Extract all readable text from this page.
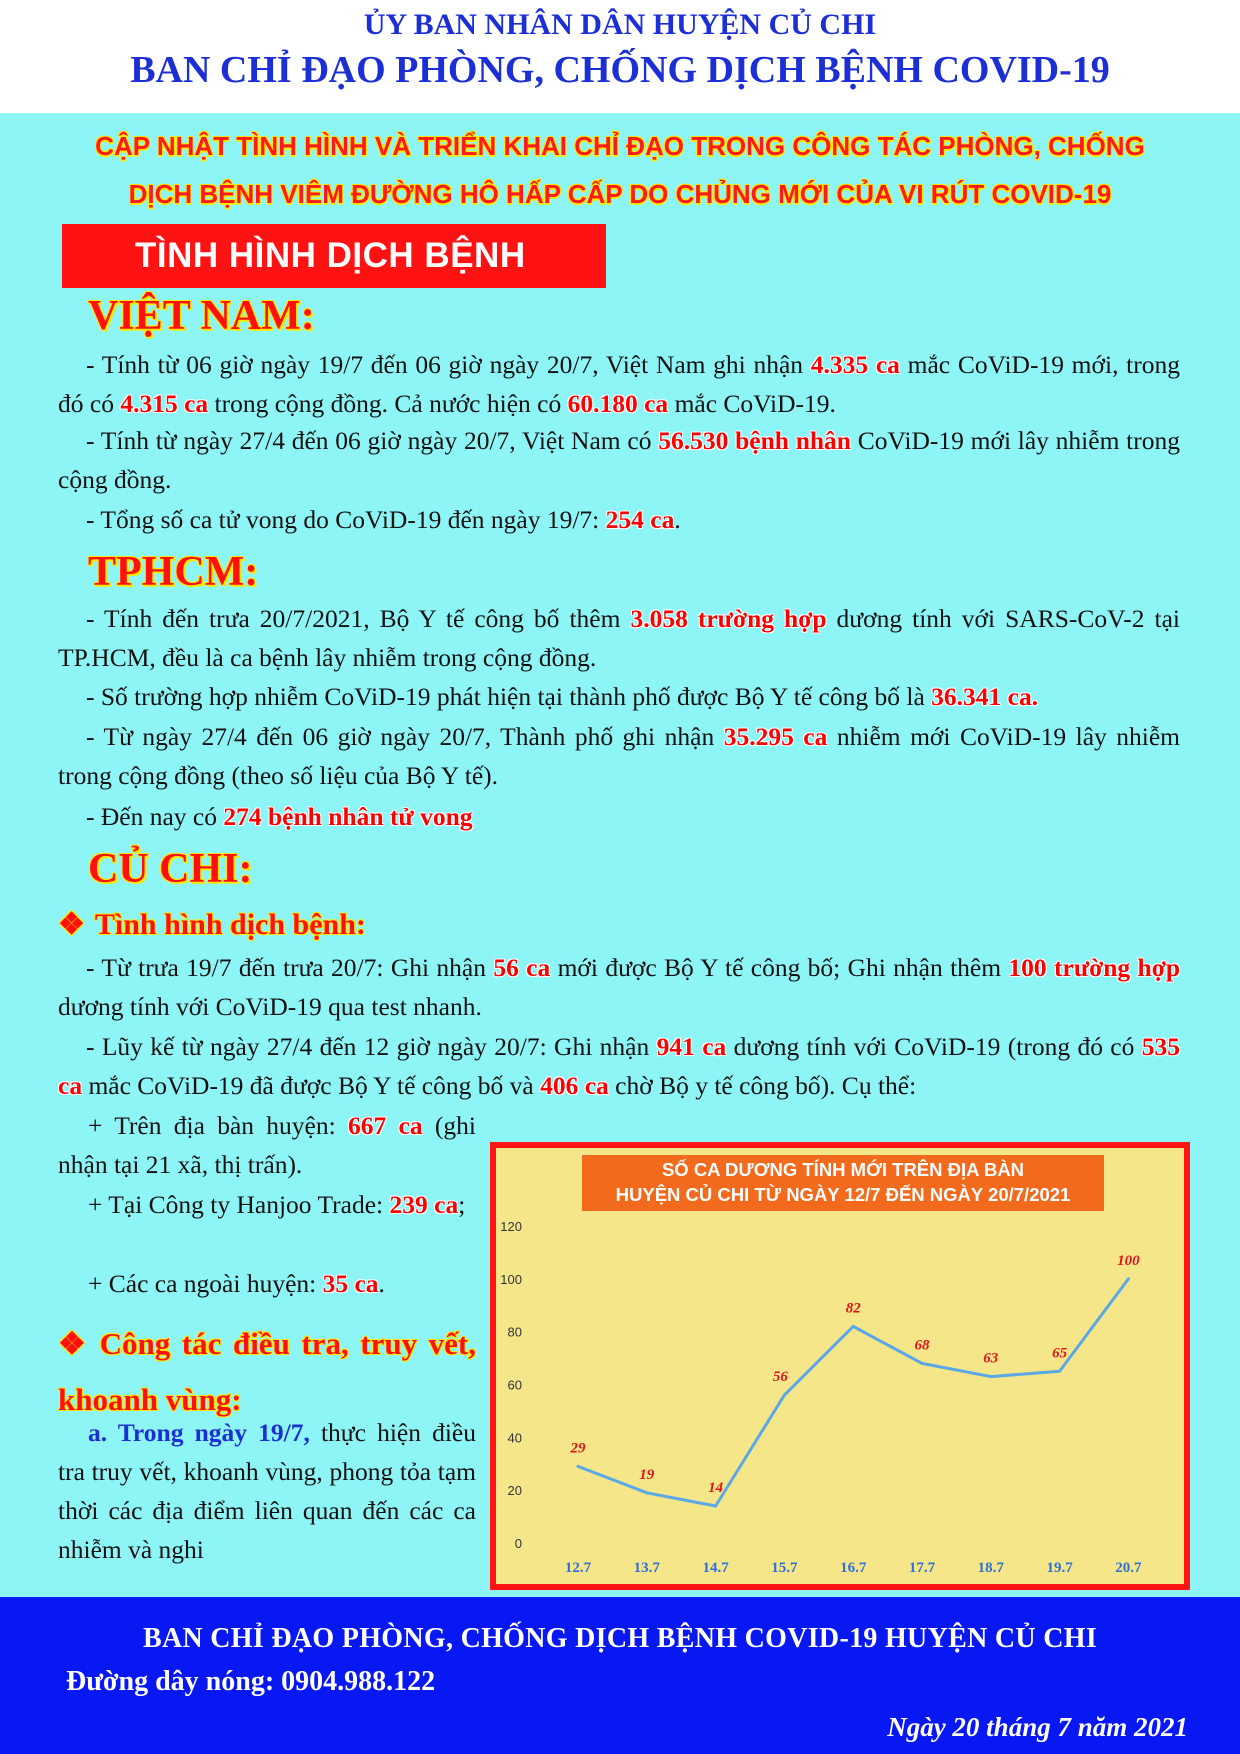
ỦY BAN NHÂN DÂN HUYỆN CỦ CHI
BAN CHỈ ĐẠO PHÒNG, CHỐNG DỊCH BỆNH COVID-19
CẬP NHẬT TÌNH HÌNH VÀ TRIỂN KHAI CHỈ ĐẠO TRONG CÔNG TÁC PHÒNG, CHỐNG
DỊCH BỆNH VIÊM ĐƯỜNG HÔ HẤP CẤP DO CHỦNG MỚI CỦA VI RÚT COVID-19
TÌNH HÌNH DỊCH BỆNH
VIỆT NAM:
- Tính từ 06 giờ ngày 19/7 đến 06 giờ ngày 20/7, Việt Nam ghi nhận 4.335 ca mắc CoViD-19 mới, trong đó có 4.315 ca trong cộng đồng. Cả nước hiện có 60.180 ca mắc CoViD-19.
- Tính từ ngày 27/4 đến 06 giờ ngày 20/7, Việt Nam có 56.530 bệnh nhân CoViD-19 mới lây nhiễm trong cộng đồng.
- Tổng số ca tử vong do CoViD-19 đến ngày 19/7: 254 ca.
TPHCM:
- Tính đến trưa 20/7/2021, Bộ Y tế công bố thêm 3.058 trường hợp dương tính với SARS-CoV-2 tại TP.HCM, đều là ca bệnh lây nhiễm trong cộng đồng.
- Số trường hợp nhiễm CoViD-19 phát hiện tại thành phố được Bộ Y tế công bố là 36.341 ca.
- Từ ngày 27/4 đến 06 giờ ngày 20/7, Thành phố ghi nhận 35.295 ca nhiễm mới CoViD-19 lây nhiễm trong cộng đồng (theo số liệu của Bộ Y tế).
- Đến nay có 274 bệnh nhân tử vong
CỦ CHI:
❖ Tình hình dịch bệnh:
- Từ trưa 19/7 đến trưa 20/7: Ghi nhận 56 ca mới được Bộ Y tế công bố; Ghi nhận thêm 100 trường hợp dương tính với CoViD-19 qua test nhanh.
- Lũy kế từ ngày 27/4 đến 12 giờ ngày 20/7: Ghi nhận 941 ca dương tính với CoViD-19 (trong đó có 535 ca mắc CoViD-19 đã được Bộ Y tế công bố và 406 ca chờ Bộ y tế công bố). Cụ thể:
+ Trên địa bàn huyện: 667 ca (ghi nhận tại 21 xã, thị trấn).
+ Tại Công ty Hanjoo Trade: 239 ca;
+ Các ca ngoài huyện: 35 ca.
❖ Công tác điều tra, truy vết, khoanh vùng:
a. Trong ngày 19/7, thực hiện điều tra truy vết, khoanh vùng, phong tỏa tạm thời các địa điểm liên quan đến các ca nhiễm và nghi
SỐ CA DƯƠNG TÍNH MỚI TRÊN ĐỊA BÀN
HUYỆN CỦ CHI TỪ NGÀY 12/7 ĐẾN NGÀY 20/7/2021
0
20
40
60
80
100
120
12.7	13.7	14.7	15.7	16.7	17.7	18.7	19.7	20.7
29
19
14
56
82
68
63	65
100
BAN CHỈ ĐẠO PHÒNG, CHỐNG DỊCH BỆNH COVID-19 HUYỆN CỦ CHI
Đường dây nóng: 0904.988.122
Ngày 20 tháng 7 năm 2021
